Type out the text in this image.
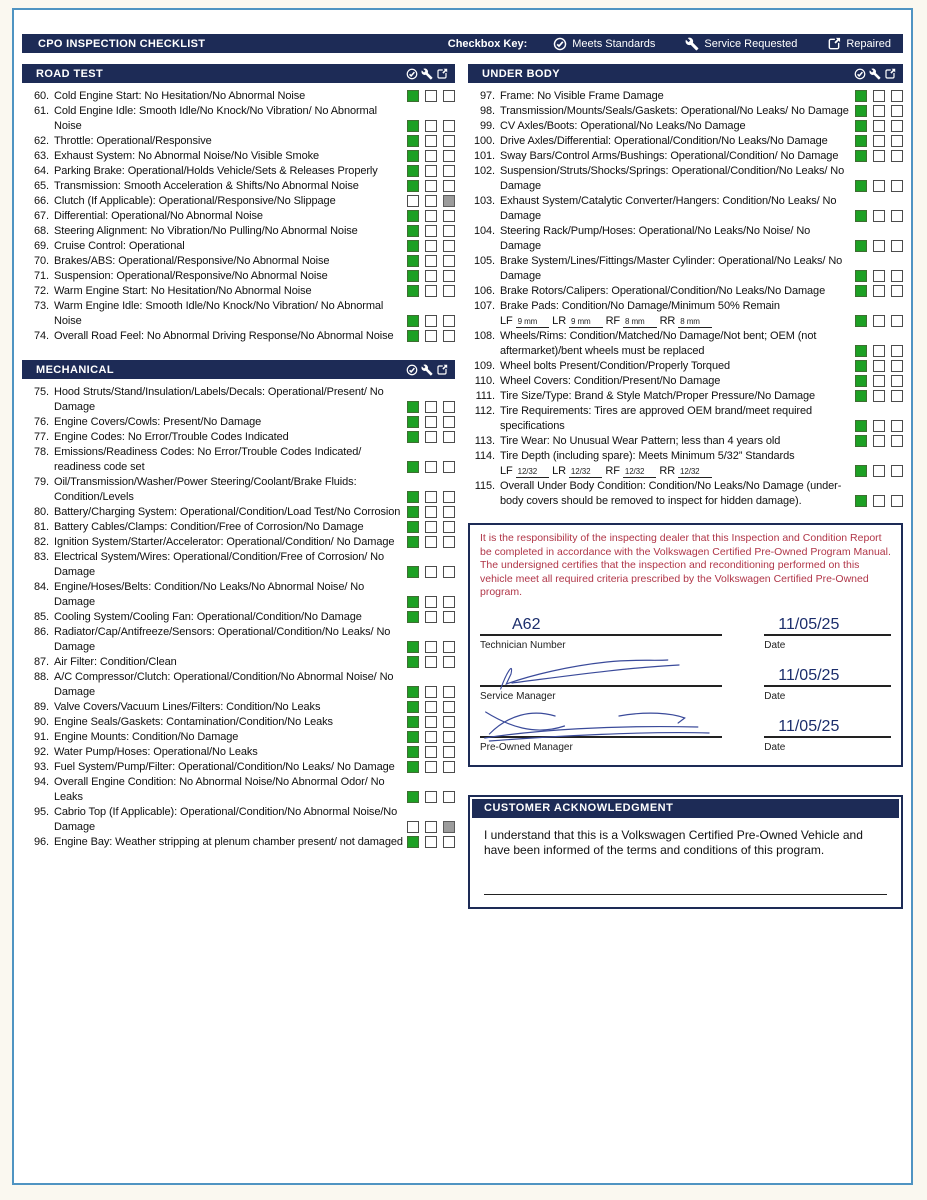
CPO INSPECTION CHECKLIST	Checkbox Key:	Meets Standards	Service Requested	Repaired
ROAD TEST
60. Cold Engine Start: No Hesitation/No Abnormal Noise
61. Cold Engine Idle: Smooth Idle/No Knock/No Vibration/ No Abnormal Noise
62. Throttle: Operational/Responsive
63. Exhaust System: No Abnormal Noise/No Visible Smoke
64. Parking Brake: Operational/Holds Vehicle/Sets & Releases Properly
65. Transmission: Smooth Acceleration & Shifts/No Abnormal Noise
66. Clutch (If Applicable): Operational/Responsive/No Slippage
67. Differential: Operational/No Abnormal Noise
68. Steering Alignment: No Vibration/No Pulling/No Abnormal Noise
69. Cruise Control: Operational
70. Brakes/ABS: Operational/Responsive/No Abnormal Noise
71. Suspension: Operational/Responsive/No Abnormal Noise
72. Warm Engine Start: No Hesitation/No Abnormal Noise
73. Warm Engine Idle: Smooth Idle/No Knock/No Vibration/ No Abnormal Noise
74. Overall Road Feel: No Abnormal Driving Response/No Abnormal Noise
MECHANICAL
75. Hood Struts/Stand/Insulation/Labels/Decals: Operational/Present/ No Damage
76. Engine Covers/Cowls: Present/No Damage
77. Engine Codes: No Error/Trouble Codes Indicated
78. Emissions/Readiness Codes: No Error/Trouble Codes Indicated/ readiness code set
79. Oil/Transmission/Washer/Power Steering/Coolant/Brake Fluids: Condition/Levels
80. Battery/Charging System: Operational/Condition/Load Test/No Corrosion
81. Battery Cables/Clamps: Condition/Free of Corrosion/No Damage
82. Ignition System/Starter/Accelerator: Operational/Condition/ No Damage
83. Electrical System/Wires: Operational/Condition/Free of Corrosion/ No Damage
84. Engine/Hoses/Belts: Condition/No Leaks/No Abnormal Noise/ No Damage
85. Cooling System/Cooling Fan: Operational/Condition/No Damage
86. Radiator/Cap/Antifreeze/Sensors: Operational/Condition/No Leaks/ No Damage
87. Air Filter: Condition/Clean
88. A/C Compressor/Clutch: Operational/Condition/No Abnormal Noise/ No Damage
89. Valve Covers/Vacuum Lines/Filters: Condition/No Leaks
90. Engine Seals/Gaskets: Contamination/Condition/No Leaks
91. Engine Mounts: Condition/No Damage
92. Water Pump/Hoses: Operational/No Leaks
93. Fuel System/Pump/Filter: Operational/Condition/No Leaks/ No Damage
94. Overall Engine Condition: No Abnormal Noise/No Abnormal Odor/ No Leaks
95. Cabrio Top (If Applicable): Operational/Condition/No Abnormal Noise/No Damage
96. Engine Bay: Weather stripping at plenum chamber present/ not damaged
UNDER BODY
97. Frame: No Visible Frame Damage
98. Transmission/Mounts/Seals/Gaskets: Operational/No Leaks/ No Damage
99. CV Axles/Boots: Operational/No Leaks/No Damage
100. Drive Axles/Differential: Operational/Condition/No Leaks/No Damage
101. Sway Bars/Control Arms/Bushings: Operational/Condition/ No Damage
102. Suspension/Struts/Shocks/Springs: Operational/Condition/No Leaks/ No Damage
103. Exhaust System/Catalytic Converter/Hangers: Condition/No Leaks/ No Damage
104. Steering Rack/Pump/Hoses: Operational/No Leaks/No Noise/ No Damage
105. Brake System/Lines/Fittings/Master Cylinder: Operational/No Leaks/ No Damage
106. Brake Rotors/Calipers: Operational/Condition/No Leaks/No Damage
107. Brake Pads: Condition/No Damage/Minimum 50% Remain
LF 9 mm LR 9 mm RF 8 mm RR 8 mm
108. Wheels/Rims: Condition/Matched/No Damage/Not bent; OEM (not aftermarket)/bent wheels must be replaced
109. Wheel bolts Present/Condition/Properly Torqued
110. Wheel Covers: Condition/Present/No Damage
111. Tire Size/Type: Brand & Style Match/Proper Pressure/No Damage
112. Tire Requirements: Tires are approved OEM brand/meet required specifications
113. Tire Wear: No Unusual Wear Pattern; less than 4 years old
114. Tire Depth (including spare): Meets Minimum 5/32” Standards
LF 12/32 LR 12/32 RF 12/32 RR 12/32
115. Overall Under Body Condition: Condition/No Leaks/No Damage (under-body covers should be removed to inspect for hidden damage).

It is the responsibility of the inspecting dealer that this Inspection and Condition Report be completed in accordance with the Volkswagen Certified Pre-Owned Program Manual. The undersigned certifies that the inspection and reconditioning performed on this vehicle meet all required criteria prescribed by the Volkswagen Certified Pre-Owned program.

A62
Technician Number
11/05/25
Date
Service Manager
11/05/25
Date
Pre-Owned Manager
11/05/25
Date
CUSTOMER ACKNOWLEDGMENT

I understand that this is a Volkswagen Certified Pre-Owned Vehicle and have been informed of the terms and conditions of this program.
